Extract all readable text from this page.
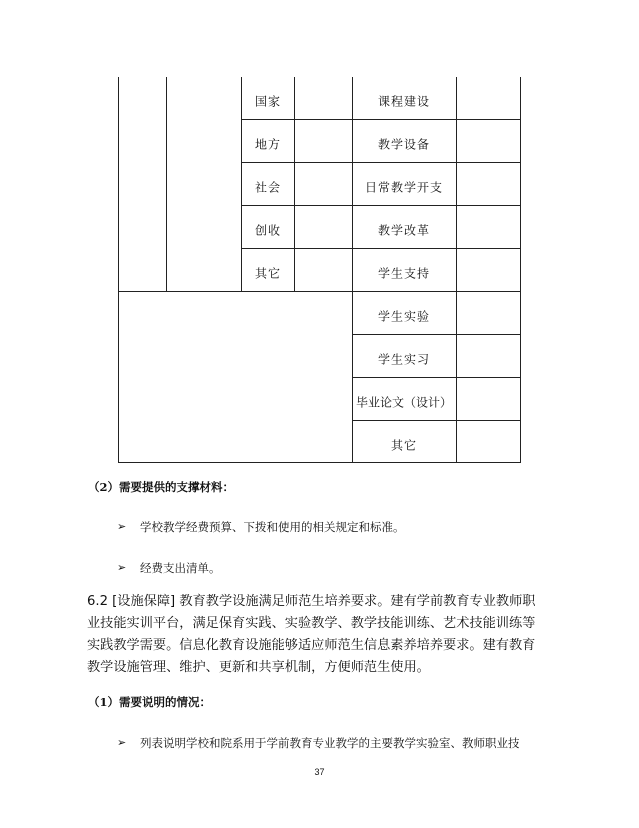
国家
地方
社会
创收
其它
课程建设
教学设备
日常教学开支
教学改革
学生支持
学生实验
学生实习
毕业论文（设计）
其它
（2）需要提供的支撑材料：
➢ 学校教学经费预算、下拨和使用的相关规定和标准。
➢ 经费支出清单。
6.2 [设施保障] 教育教学设施满足师范生培养要求。建有学前教育专业教师职业技能实训平台，满足保育实践、实验教学、教学技能训练、艺术技能训练等实践教学需要。信息化教育设施能够适应师范生信息素养培养要求。建有教育教学设施管理、维护、更新和共享机制，方便师范生使用。
（1）需要说明的情况：
➢ 列表说明学校和院系用于学前教育专业教学的主要教学实验室、教师职业技
37
